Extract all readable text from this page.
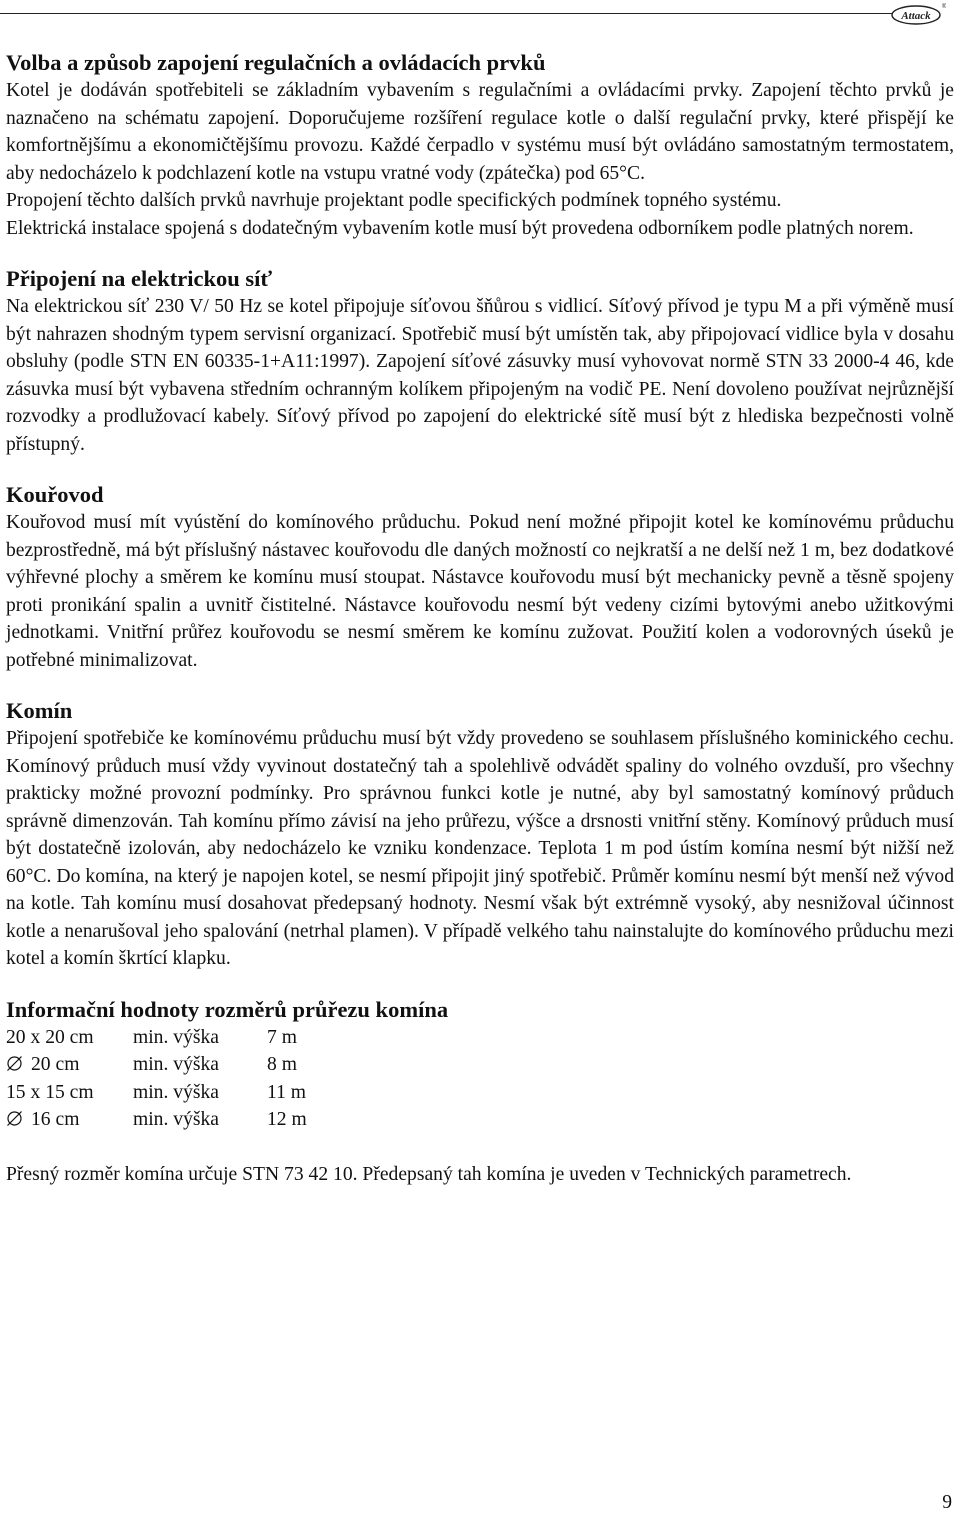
Attack
®
Volba a způsob zapojení regulačních a ovládacích prvků

Kotel je dodáván spotřebiteli se základním vybavením s regulačními a ovládacími prvky. Zapojení těchto prvků je naznačeno na schématu zapojení. Doporučujeme rozšíření regulace kotle o další regulační prvky, které přispějí ke komfortnějšímu a ekonomičtějšímu provozu. Každé čerpadlo v systému musí být ovládáno samostatným termostatem, aby nedocházelo k podchlazení kotle na vstupu vratné vody (zpátečka) pod 65°C.

Propojení těchto dalších prvků navrhuje projektant podle specifických podmínek topného systému.

Elektrická instalace spojená s dodatečným vybavením kotle musí být provedena odborníkem podle platných norem.

Připojení na elektrickou síť

Na elektrickou síť 230 V/ 50 Hz se kotel připojuje síťovou šňůrou s vidlicí. Síťový přívod je typu M a při výměně musí být nahrazen shodným typem servisní organizací. Spotřebič musí být umístěn tak, aby připojovací vidlice byla v dosahu obsluhy (podle STN EN 60335-1+A11:1997). Zapojení síťové zásuvky musí vyhovovat normě STN 33 2000-4 46, kde zásuvka musí být vybavena středním ochranným kolíkem připojeným na vodič PE. Není dovoleno používat nejrůznější rozvodky a prodlužovací kabely. Síťový přívod po zapojení do elektrické sítě musí být z hlediska bezpečnosti volně přístupný.

Kouřovod

Kouřovod musí mít vyústění do komínového průduchu. Pokud není možné připojit kotel ke komínovému průduchu bezprostředně, má být příslušný nástavec kouřovodu dle daných možností co nejkratší a ne delší než 1 m, bez dodatkové výhřevné plochy a směrem ke komínu musí stoupat. Nástavce kouřovodu musí být mechanicky pevně a těsně spojeny proti pronikání spalin a uvnitř čistitelné. Nástavce kouřovodu nesmí být vedeny cizími bytovými anebo užitkovými jednotkami. Vnitřní průřez kouřovodu se nesmí směrem ke komínu zužovat. Použití kolen a vodorovných úseků je potřebné minimalizovat.

Komín

Připojení spotřebiče ke komínovému průduchu musí být vždy provedeno se souhlasem příslušného kominického cechu. Komínový průduch musí vždy vyvinout dostatečný tah a spolehlivě odvádět spaliny do volného ovzduší, pro všechny prakticky možné provozní podmínky. Pro správnou funkci kotle je nutné, aby byl samostatný komínový průduch správně dimenzován. Tah komínu přímo závisí na jeho průřezu, výšce a drsnosti vnitřní stěny. Komínový průduch musí být dostatečně izolován, aby nedocházelo ke vzniku kondenzace. Teplota 1 m pod ústím komína nesmí být nižší než 60°C. Do komína, na který je napojen kotel, se nesmí připojit jiný spotřebič. Průměr komínu nesmí být menší než vývod na kotle. Tah komínu musí dosahovat předepsaný hodnoty. Nesmí však být extrémně vysoký, aby nesnižoval účinnost kotle a nenarušoval jeho spalování (netrhal plamen). V případě velkého tahu nainstalujte do komínového průduchu mezi kotel a komín škrtící klapku.

Informační hodnoty rozměrů průřezu komína
20 x 20 cm	min. výška	7 m
20 cm	min. výška	8 m
15 x 15 cm	min. výška	11 m
16 cm	min. výška	12 m

Přesný rozměr komína určuje STN 73 42 10. Předepsaný tah komína je uveden v Technických parametrech.

9
